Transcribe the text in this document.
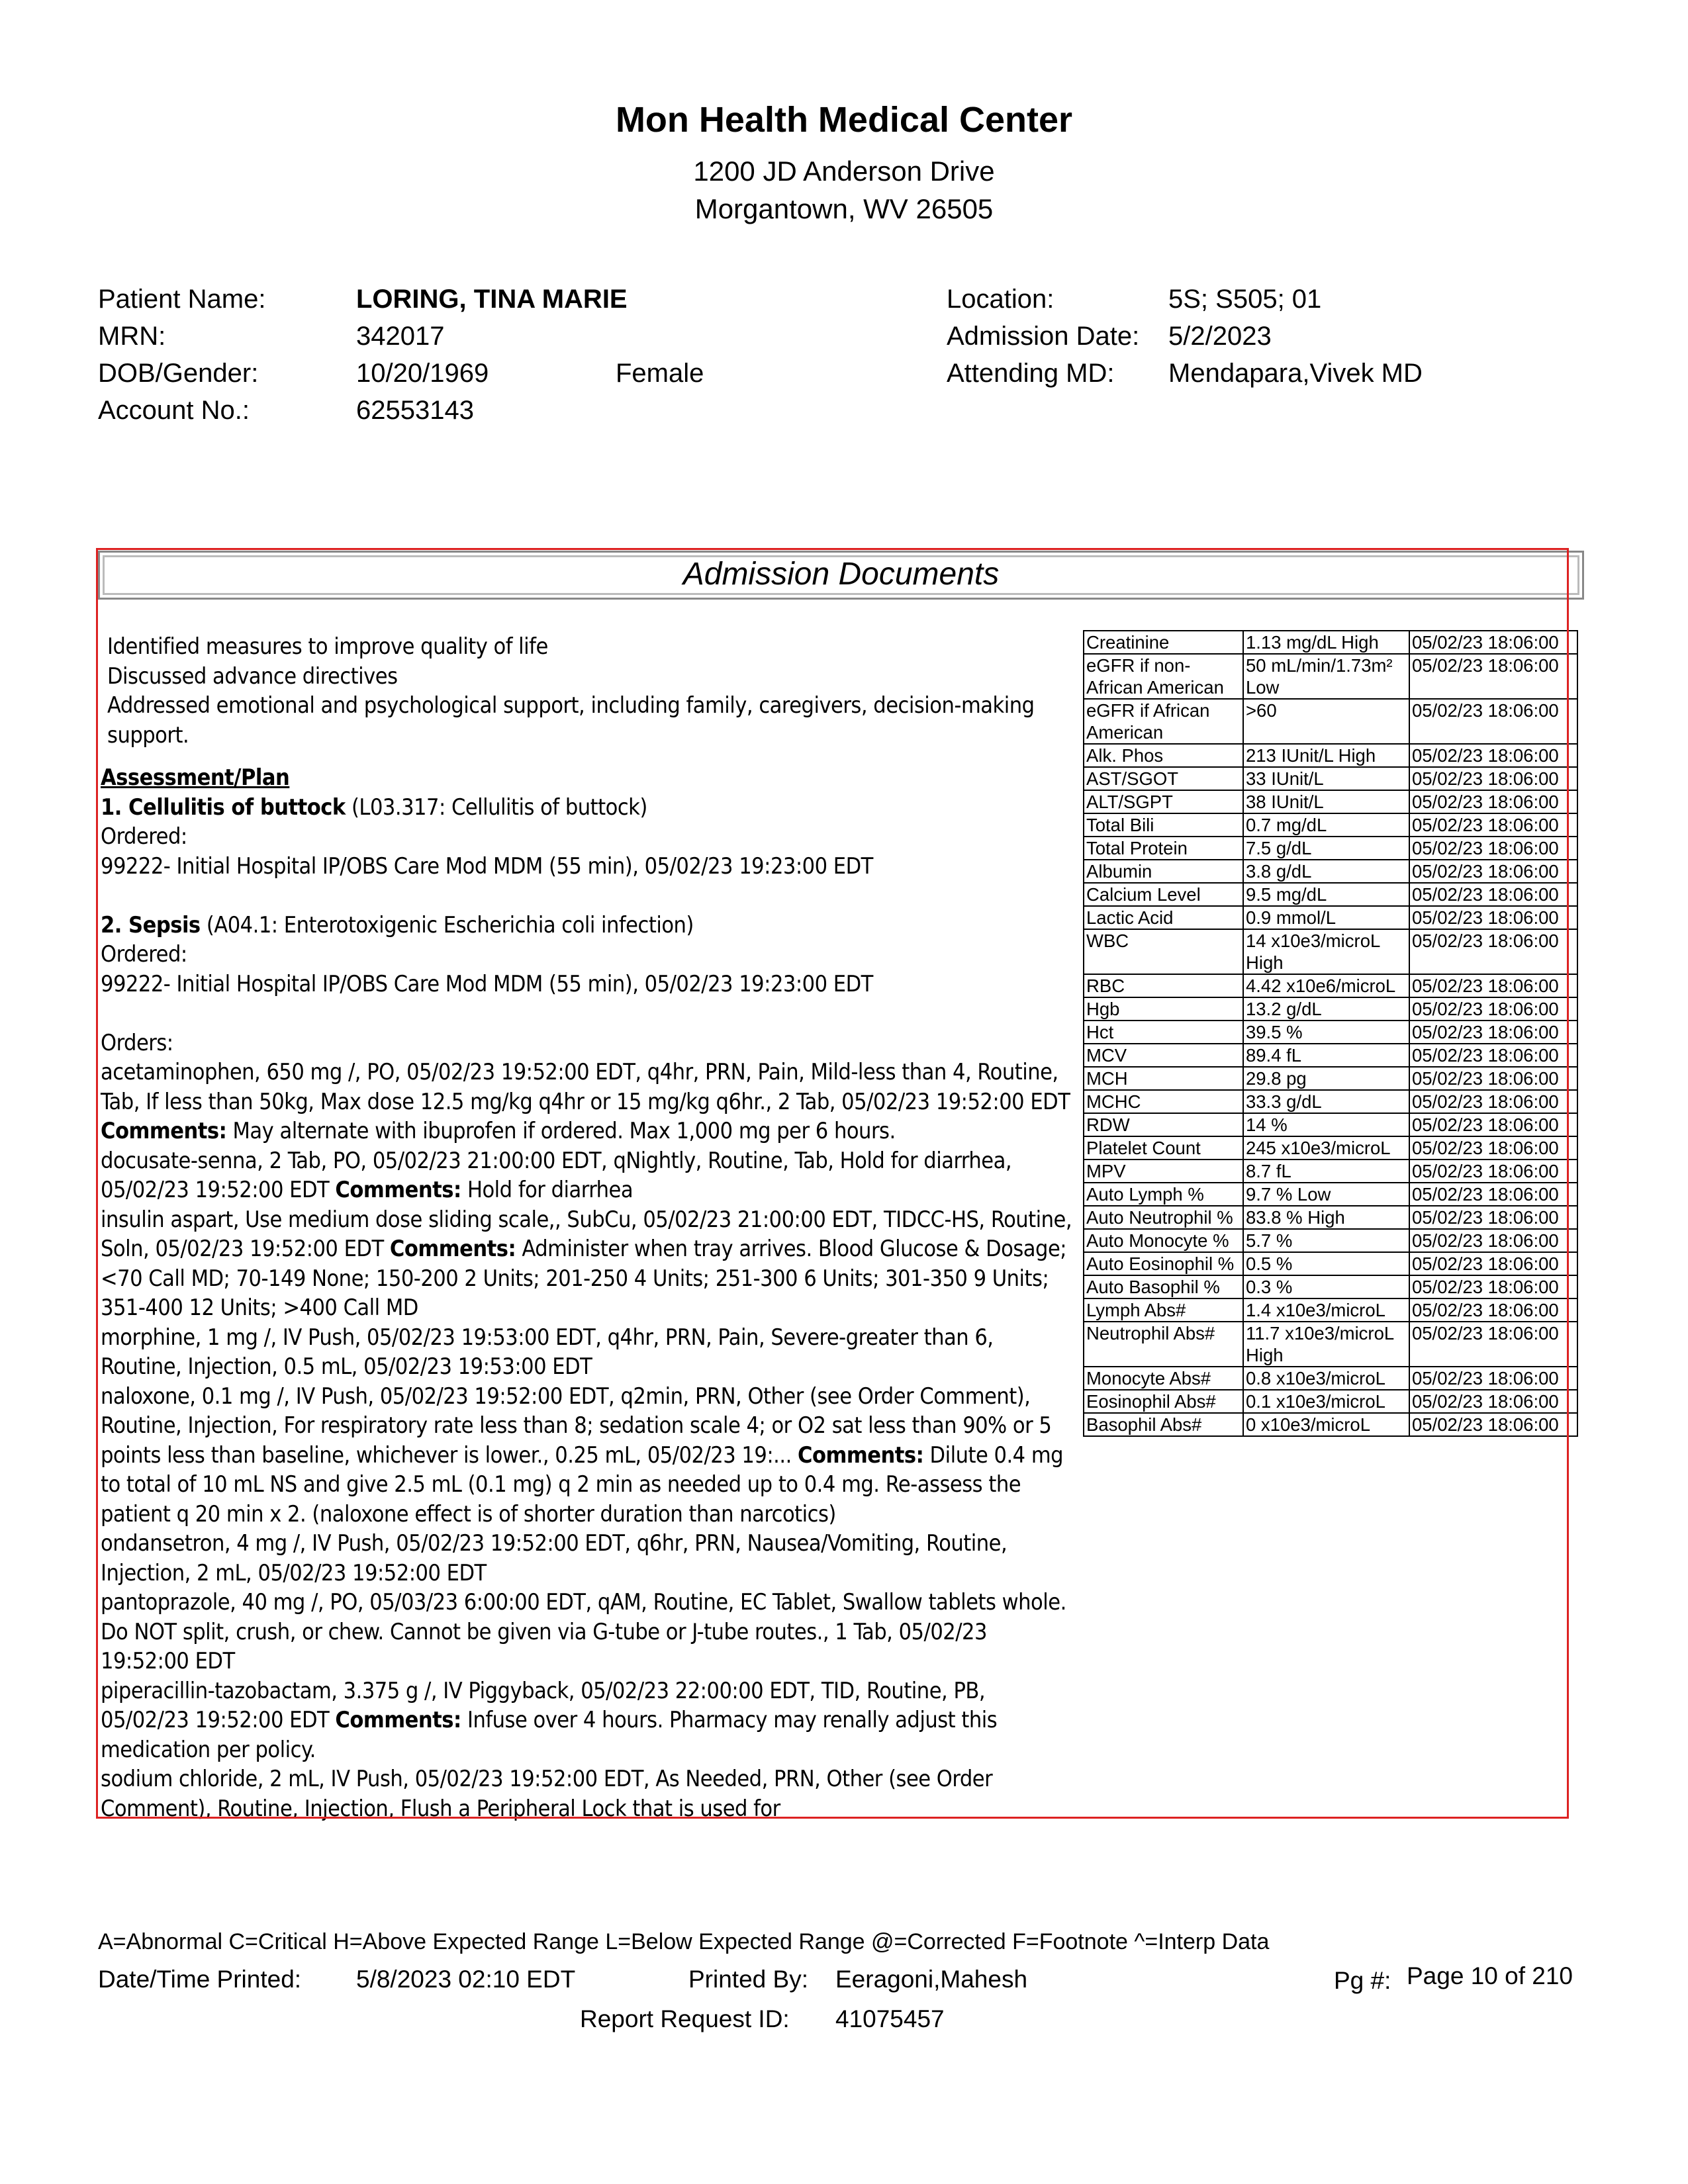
Mon Health Medical Center
1200 JD Anderson Drive
Morgantown, WV 26505
Patient Name:	LORING, TINA MARIE
MRN:	342017
DOB/Gender:	10/20/1969	Female
Account No.:	62553143
Location:	5S; S505; 01
Admission Date: 5/2/2023
Attending MD: Mendapara,Vivek MD
Admission Documents

Identified measures to improve quality of life

Discussed advance directives

Addressed emotional and psychological support, including family, caregivers, decision-making support.

Assessment/Plan

1. Cellulitis of buttock (L03.317: Cellulitis of buttock)

Ordered:

99222- Initial Hospital IP/OBS Care Mod MDM (55 min), 05/02/23 19:23:00 EDT

2. Sepsis (A04.1: Enterotoxigenic Escherichia coli infection)

Ordered:

99222- Initial Hospital IP/OBS Care Mod MDM (55 min), 05/02/23 19:23:00 EDT

Orders:

acetaminophen, 650 mg /, PO, 05/02/23 19:52:00 EDT, q4hr, PRN, Pain, Mild-less than 4, Routine, Tab, If less than 50kg, Max dose 12.5 mg/kg q4hr or 15 mg/kg q6hr., 2 Tab, 05/02/23 19:52:00 EDT Comments: May alternate with ibuprofen if ordered. Max 1,000 mg per 6 hours.

docusate-senna, 2 Tab, PO, 05/02/23 21:00:00 EDT, qNightly, Routine, Tab, Hold for diarrhea, 05/02/23 19:52:00 EDT Comments: Hold for diarrhea

insulin aspart, Use medium dose sliding scale,, SubCu, 05/02/23 21:00:00 EDT, TIDCC-HS, Routine, Soln, 05/02/23 19:52:00 EDT Comments: Administer when tray arrives. Blood Glucose & Dosage; <70 Call MD; 70-149 None; 150-200 2 Units; 201-250 4 Units; 251-300 6 Units; 301-350 9 Units; 351-400 12 Units; >400 Call MD

morphine, 1 mg /, IV Push, 05/02/23 19:53:00 EDT, q4hr, PRN, Pain, Severe-greater than 6, Routine, Injection, 0.5 mL, 05/02/23 19:53:00 EDT

naloxone, 0.1 mg /, IV Push, 05/02/23 19:52:00 EDT, q2min, PRN, Other (see Order Comment), Routine, Injection, For respiratory rate less than 8; sedation scale 4; or O2 sat less than 90% or 5 points less than baseline, whichever is lower., 0.25 mL, 05/02/23 19:... Comments: Dilute 0.4 mg to total of 10 mL NS and give 2.5 mL (0.1 mg) q 2 min as needed up to 0.4 mg. Re-assess the patient q 20 min x 2. (naloxone effect is of shorter duration than narcotics)

ondansetron, 4 mg /, IV Push, 05/02/23 19:52:00 EDT, q6hr, PRN, Nausea/Vomiting, Routine, Injection, 2 mL, 05/02/23 19:52:00 EDT

pantoprazole, 40 mg /, PO, 05/03/23 6:00:00 EDT, qAM, Routine, EC Tablet, Swallow tablets whole. Do NOT split, crush, or chew. Cannot be given via G-tube or J-tube routes., 1 Tab, 05/02/23 19:52:00 EDT

piperacillin-tazobactam, 3.375 g /, IV Piggyback, 05/02/23 22:00:00 EDT, TID, Routine, PB, 05/02/23 19:52:00 EDT Comments: Infuse over 4 hours. Pharmacy may renally adjust this medication per policy.

sodium chloride, 2 mL, IV Push, 05/02/23 19:52:00 EDT, As Needed, PRN, Other (see Order Comment), Routine, Injection, Flush a Peripheral Lock that is used for

Creatinine	1.13 mg/dL High	05/02/23 18:06:00
eGFR if non-African American	50 mL/min/1.73m² Low	05/02/23 18:06:00
eGFR if African American	>60	05/02/23 18:06:00
Alk. Phos	213 IUnit/L High	05/02/23 18:06:00
AST/SGOT	33 IUnit/L	05/02/23 18:06:00
ALT/SGPT	38 IUnit/L	05/02/23 18:06:00
Total Bili	0.7 mg/dL	05/02/23 18:06:00
Total Protein	7.5 g/dL	05/02/23 18:06:00
Albumin	3.8 g/dL	05/02/23 18:06:00
Calcium Level	9.5 mg/dL	05/02/23 18:06:00
Lactic Acid	0.9 mmol/L	05/02/23 18:06:00
WBC	14 x10e3/microL High	05/02/23 18:06:00
RBC	4.42 x10e6/microL	05/02/23 18:06:00
Hgb	13.2 g/dL	05/02/23 18:06:00
Hct	39.5 %	05/02/23 18:06:00
MCV	89.4 fL	05/02/23 18:06:00
MCH	29.8 pg	05/02/23 18:06:00
MCHC	33.3 g/dL	05/02/23 18:06:00
RDW	14 %	05/02/23 18:06:00
Platelet Count	245 x10e3/microL	05/02/23 18:06:00
MPV	8.7 fL	05/02/23 18:06:00
Auto Lymph %	9.7 % Low	05/02/23 18:06:00
Auto Neutrophil %	83.8 % High	05/02/23 18:06:00
Auto Monocyte %	5.7 %	05/02/23 18:06:00
Auto Eosinophil %	0.5 %	05/02/23 18:06:00
Auto Basophil %	0.3 %	05/02/23 18:06:00
Lymph Abs#	1.4 x10e3/microL	05/02/23 18:06:00
Neutrophil Abs#	11.7 x10e3/microL High	05/02/23 18:06:00
Monocyte Abs#	0.8 x10e3/microL	05/02/23 18:06:00
Eosinophil Abs#	0.1 x10e3/microL	05/02/23 18:06:00
Basophil Abs#	0 x10e3/microL	05/02/23 18:06:00
A=Abnormal C=Critical H=Above Expected Range L=Below Expected Range @=Corrected F=Footnote ^=Interp Data
Date/Time Printed: 5/8/2023 02:10 EDT	Printed By: Eeragoni,Mahesh	Pg #: Page 10 of 210
Report Request ID: 41075457
